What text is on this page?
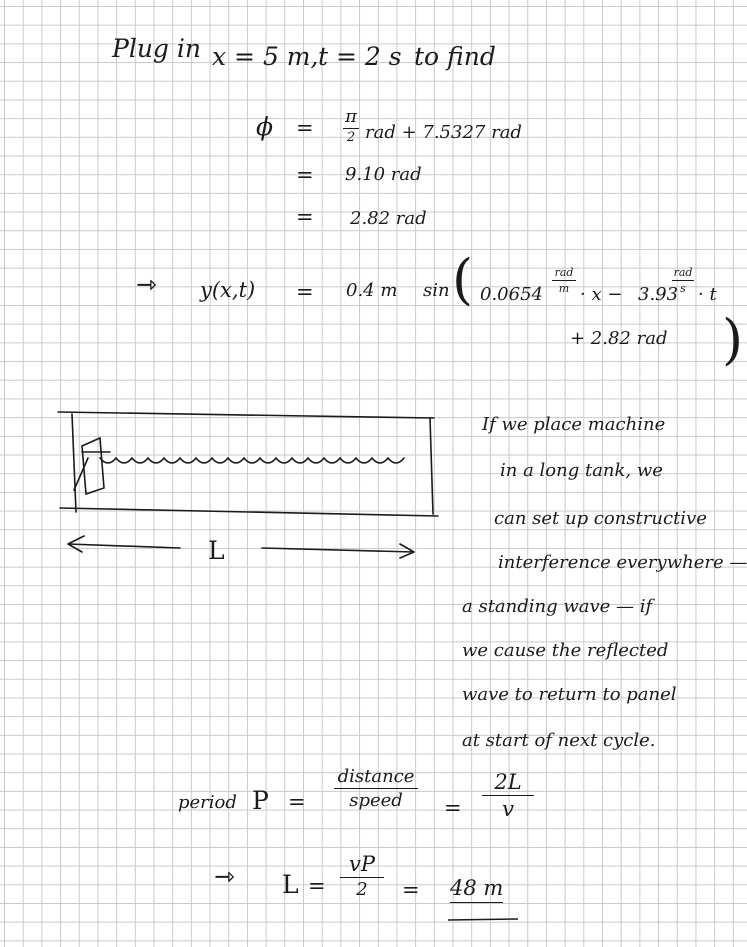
Plug in x = 5 m, t = 2 s to find
ϕ = π
2 rad + 7.5327 rad
= 9.10 rad
= 2.82 rad
⇾ y(x,t) = 0.4 m sin ( 0.0654
rad
m · x − 3.93
rad
s · t
+ 2.82 rad )
L
If we place machine
in a long tank, we
can set up constructive
interference everywhere —
a standing wave — if
we cause the reflected
wave to return to panel
at start of next cycle.
period P =
distance
speed	=
2L
v
⇾ L =
vP
2	= 48 m
